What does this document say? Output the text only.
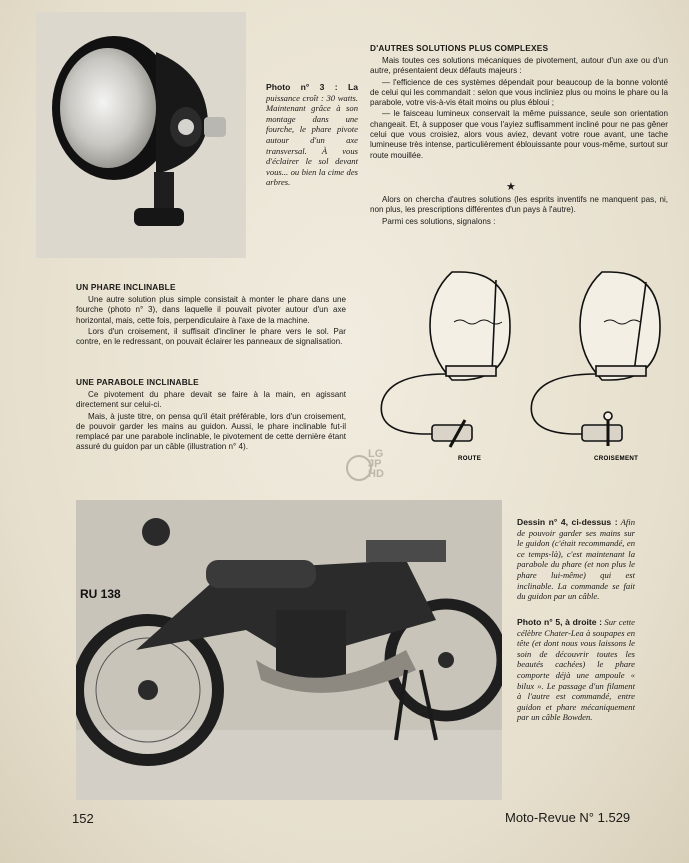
Photo n° 3 : La puissance croît : 30 watts. Maintenant grâce à son montage dans une fourche, le phare pivote autour d'un axe transversal. À vous d'éclairer le sol devant vous... ou bien la cime des arbres.
D'AUTRES SOLUTIONS PLUS COMPLEXES

Mais toutes ces solutions mécaniques de pivotement, autour d'un axe ou d'un autre, présentaient deux défauts majeurs :

— l'efficience de ces systèmes dépendait pour beaucoup de la bonne volonté de celui qui les commandait : selon que vous incliniez plus ou moins le phare ou la parabole, votre vis-à-vis était moins ou plus ébloui ;

— le faisceau lumineux conservait la même puissance, seule son orientation changeait. Et, à supposer que vous l'ayiez suffisamment incliné pour ne pas gêner celui que vous croisiez, alors vous aviez, devant votre roue avant, une tache lumineuse très intense, particulièrement éblouissante pour vous-même, surtout sur route mouillée.

★

Alors on chercha d'autres solutions (les esprits inventifs ne manquent pas, ni, non plus, les prescriptions différentes d'un pays à l'autre).

Parmi ces solutions, signalons :

UN PHARE INCLINABLE

Une autre solution plus simple consistait à monter le phare dans une fourche (photo n° 3), dans laquelle il pouvait pivoter autour d'un axe horizontal, mais, cette fois, perpendiculaire à l'axe de la machine.

Lors d'un croisement, il suffisait d'incliner le phare vers le sol. Par contre, en le redressant, on pouvait éclairer les panneaux de signalisation.

UNE PARABOLE INCLINABLE

Ce pivotement du phare devait se faire à la main, en agissant directement sur celui-ci.

Mais, à juste titre, on pensa qu'il était préférable, lors d'un croisement, de pouvoir garder les mains au guidon. Aussi, le phare inclinable fut-il remplacé par une parabole inclinable, le pivotement de cette dernière étant assuré du guidon par un câble (illustration n° 4).

ROUTE	CROISEMENT
LG
JP
HD
RU 138
Dessin n° 4, ci-dessus : Afin de pouvoir garder ses mains sur le guidon (c'était recommandé, en ce temps-là), c'est maintenant la parabole du phare (et non plus le phare lui-même) qui est inclinable. La commande se fait du guidon par un câble.
Photo n° 5, à droite : Sur cette célèbre Chater-Lea à soupapes en tête (et dont nous vous laissons le soin de découvrir toutes les beautés cachées) le phare comporte déjà une ampoule « bilux ». Le passage d'un filament à l'autre est commandé, entre guidon et phare mécaniquement par un câble Bowden.
152	Moto-Revue N° 1.529
